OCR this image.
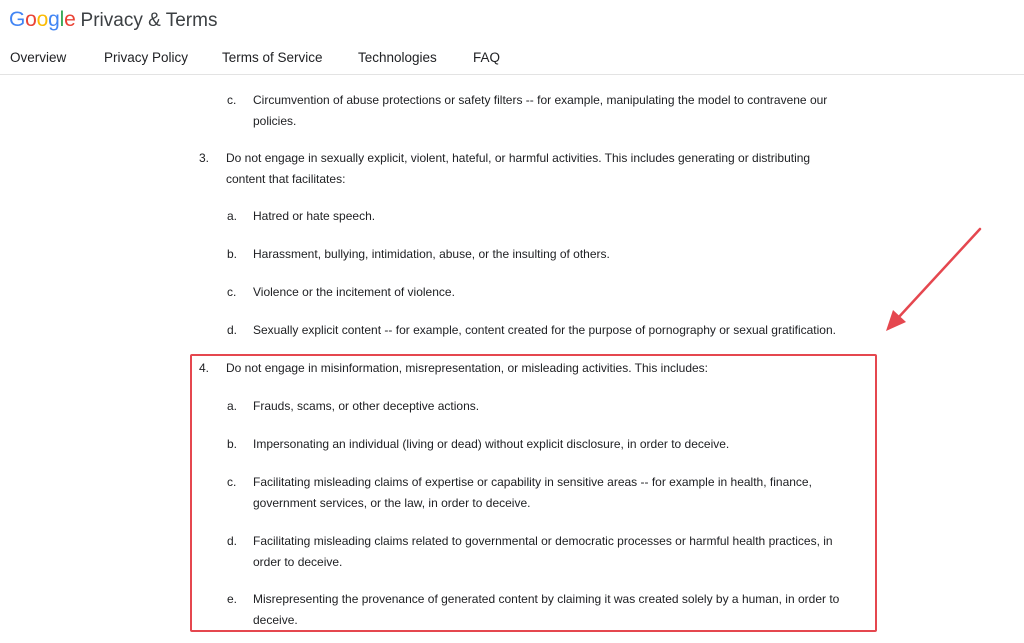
Google Privacy & Terms
Overview	Privacy Policy	Terms of Service	Technologies	FAQ
c. Circumvention of abuse protections or safety filters -- for example, manipulating the model to contravene our policies.

3. Do not engage in sexually explicit, violent, hateful, or harmful activities. This includes generating or distributing content that facilitates:

a. Hatred or hate speech.

b. Harassment, bullying, intimidation, abuse, or the insulting of others.

c. Violence or the incitement of violence.

d. Sexually explicit content -- for example, content created for the purpose of pornography or sexual gratification.

4. Do not engage in misinformation, misrepresentation, or misleading activities. This includes:

a. Frauds, scams, or other deceptive actions.

b. Impersonating an individual (living or dead) without explicit disclosure, in order to deceive.

c. Facilitating misleading claims of expertise or capability in sensitive areas -- for example in health, finance, government services, or the law, in order to deceive.

d. Facilitating misleading claims related to governmental or democratic processes or harmful health practices, in order to deceive.

e. Misrepresenting the provenance of generated content by claiming it was created solely by a human, in order to deceive.
